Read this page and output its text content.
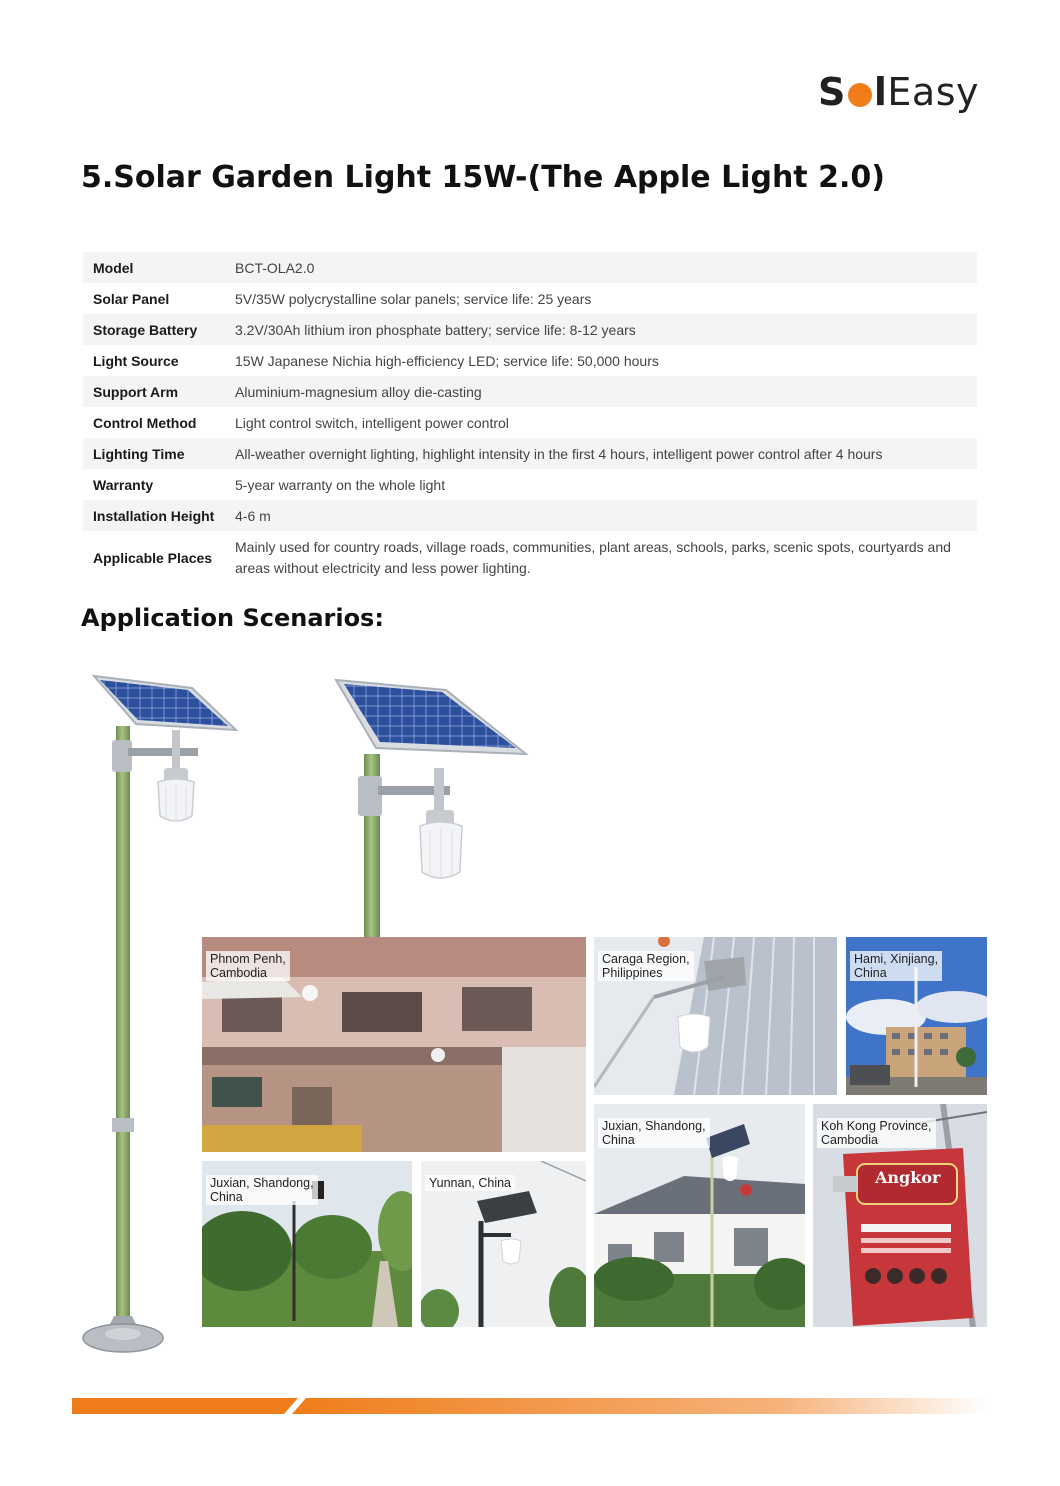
S l Easy
5.Solar Garden Light 15W-(The Apple Light 2.0)
Model	BCT-OLA2.0
Solar Panel	5V/35W polycrystalline solar panels; service life: 25 years
Storage Battery	3.2V/30Ah lithium iron phosphate battery; service life: 8-12 years
Light Source	15W Japanese Nichia high-efficiency LED; service life: 50,000 hours
Support Arm	Aluminium-magnesium alloy die-casting
Control Method	Light control switch, intelligent power control
Lighting Time	All-weather overnight lighting, highlight intensity in the first 4 hours, intelligent power control after 4 hours
Warranty	5-year warranty on the whole light
Installation Height	4-6 m
Applicable Places	Mainly used for country roads, village roads, communities, plant areas, schools, parks, scenic spots, courtyards and areas without electricity and less power lighting.
Application Scenarios:
Phnom Penh,
Cambodia
Caraga Region,
Philippines
Hami, Xinjiang,
China
Juxian, Shandong,
China
Angkor
Koh Kong Province,
Cambodia
Juxian, Shandong,
China
Yunnan, China
